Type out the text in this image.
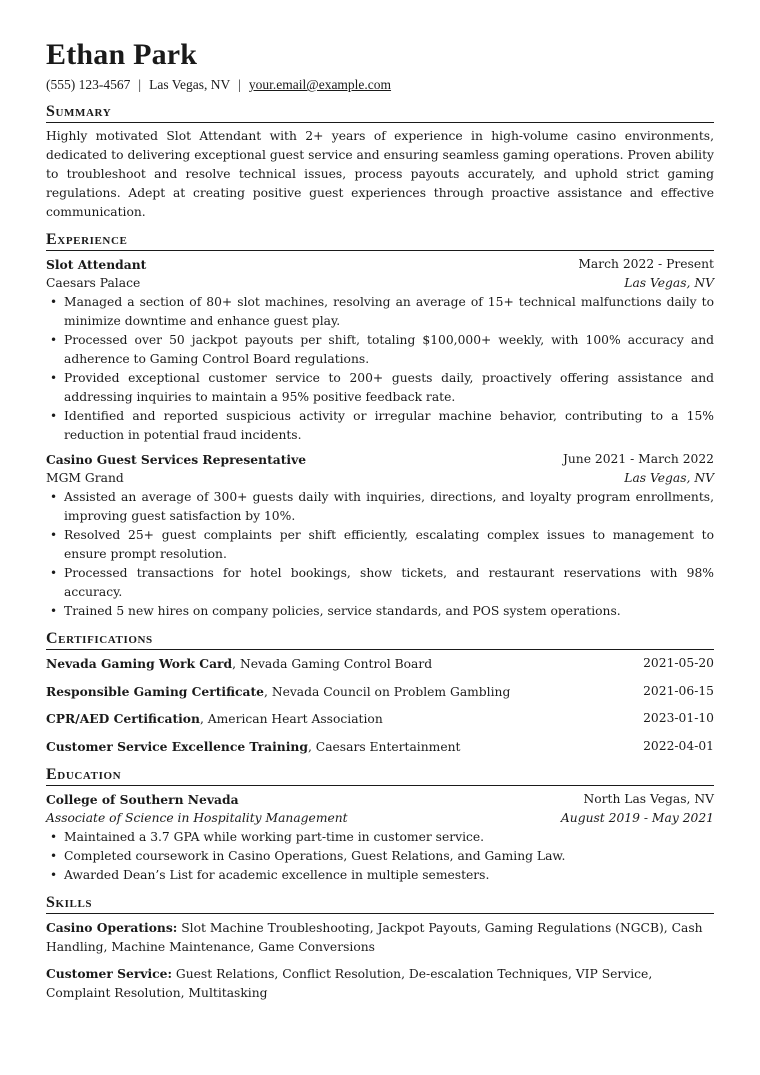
Ethan Park
(555) 123-4567 | Las Vegas, NV | your.email@example.com
Summary

Highly motivated Slot Attendant with 2+ years of experience in high-volume casino environments, dedicated to delivering exceptional guest service and ensuring seamless gaming operations. Proven ability to troubleshoot and resolve technical issues, process payouts accurately, and uphold strict gaming regulations. Adept at creating positive guest experiences through proactive assistance and effective communication.

Experience
Slot Attendant	March 2022 - Present
Caesars Palace	Las Vegas, NV
• Managed a section of 80+ slot machines, resolving an average of 15+ technical malfunctions daily to minimize downtime and enhance guest play.
• Processed over 50 jackpot payouts per shift, totaling $100,000+ weekly, with 100% accuracy and adherence to Gaming Control Board regulations.
• Provided exceptional customer service to 200+ guests daily, proactively offering assistance and addressing inquiries to maintain a 95% positive feedback rate.
• Identified and reported suspicious activity or irregular machine behavior, contributing to a 15% reduction in potential fraud incidents.
Casino Guest Services Representative	June 2021 - March 2022
MGM Grand	Las Vegas, NV
• Assisted an average of 300+ guests daily with inquiries, directions, and loyalty program enrollments, improving guest satisfaction by 10%.
• Resolved 25+ guest complaints per shift efficiently, escalating complex issues to management to ensure prompt resolution.
• Processed transactions for hotel bookings, show tickets, and restaurant reservations with 98% accuracy.
• Trained 5 new hires on company policies, service standards, and POS system operations.
Certifications
Nevada Gaming Work Card, Nevada Gaming Control Board	2021-05-20
Responsible Gaming Certificate, Nevada Council on Problem Gambling	2021-06-15
CPR/AED Certification, American Heart Association	2023-01-10
Customer Service Excellence Training, Caesars Entertainment	2022-04-01
Education
College of Southern Nevada	North Las Vegas, NV
Associate of Science in Hospitality Management	August 2019 - May 2021
• Maintained a 3.7 GPA while working part-time in customer service.
• Completed coursework in Casino Operations, Guest Relations, and Gaming Law.
• Awarded Dean’s List for academic excellence in multiple semesters.
Skills

Casino Operations: Slot Machine Troubleshooting, Jackpot Payouts, Gaming Regulations (NGCB), Cash Handling, Machine Maintenance, Game Conversions

Customer Service: Guest Relations, Conflict Resolution, De-escalation Techniques, VIP Service, Complaint Resolution, Multitasking
